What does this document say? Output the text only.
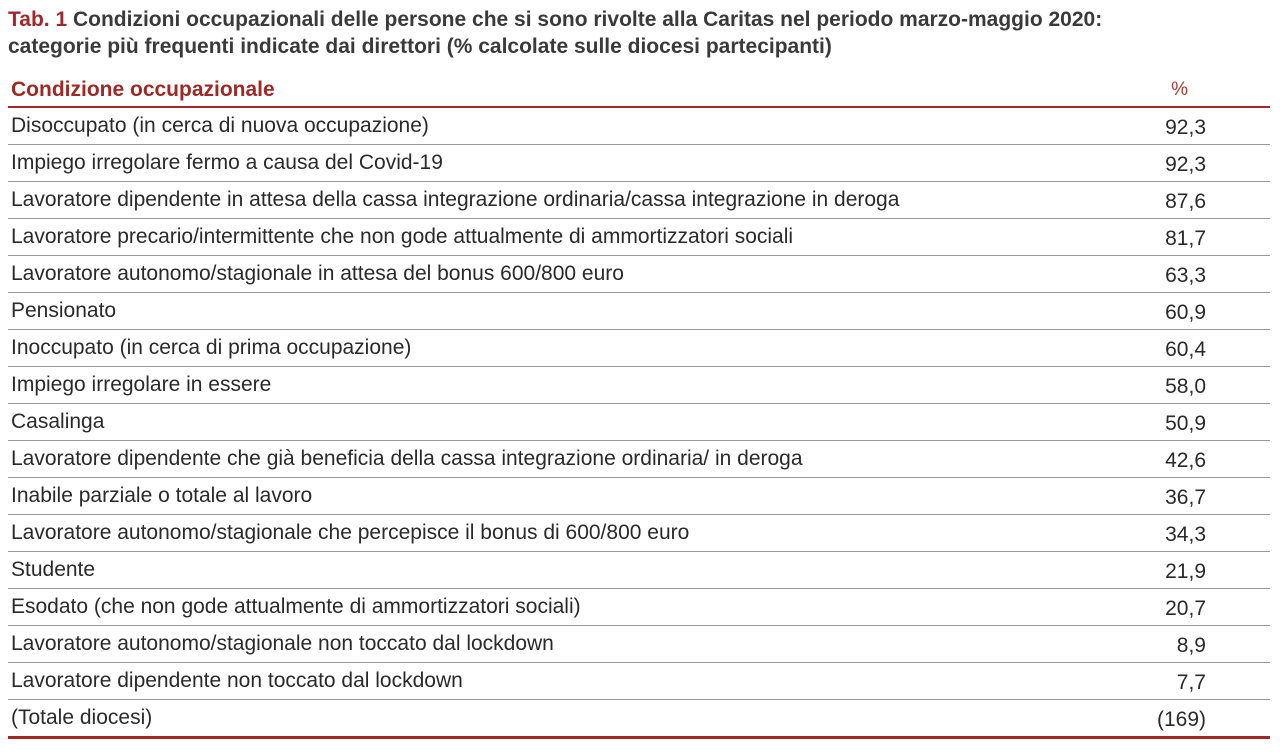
Tab. 1 Condizioni occupazionali delle persone che si sono rivolte alla Caritas nel periodo marzo-maggio 2020:
categorie più frequenti indicate dai direttori (% calcolate sulle diocesi partecipanti)
Condizione occupazionale	%
Disoccupato (in cerca di nuova occupazione)	92,3
Impiego irregolare fermo a causa del Covid-19	92,3
Lavoratore dipendente in attesa della cassa integrazione ordinaria/cassa integrazione in deroga	87,6
Lavoratore precario/intermittente che non gode attualmente di ammortizzatori sociali	81,7
Lavoratore autonomo/stagionale in attesa del bonus 600/800 euro	63,3
Pensionato	60,9
Inoccupato (in cerca di prima occupazione)	60,4
Impiego irregolare in essere	58,0
Casalinga	50,9
Lavoratore dipendente che già beneficia della cassa integrazione ordinaria/ in deroga	42,6
Inabile parziale o totale al lavoro	36,7
Lavoratore autonomo/stagionale che percepisce il bonus di 600/800 euro	34,3
Studente	21,9
Esodato (che non gode attualmente di ammortizzatori sociali)	20,7
Lavoratore autonomo/stagionale non toccato dal lockdown	8,9
Lavoratore dipendente non toccato dal lockdown	7,7
(Totale diocesi)	(169)
